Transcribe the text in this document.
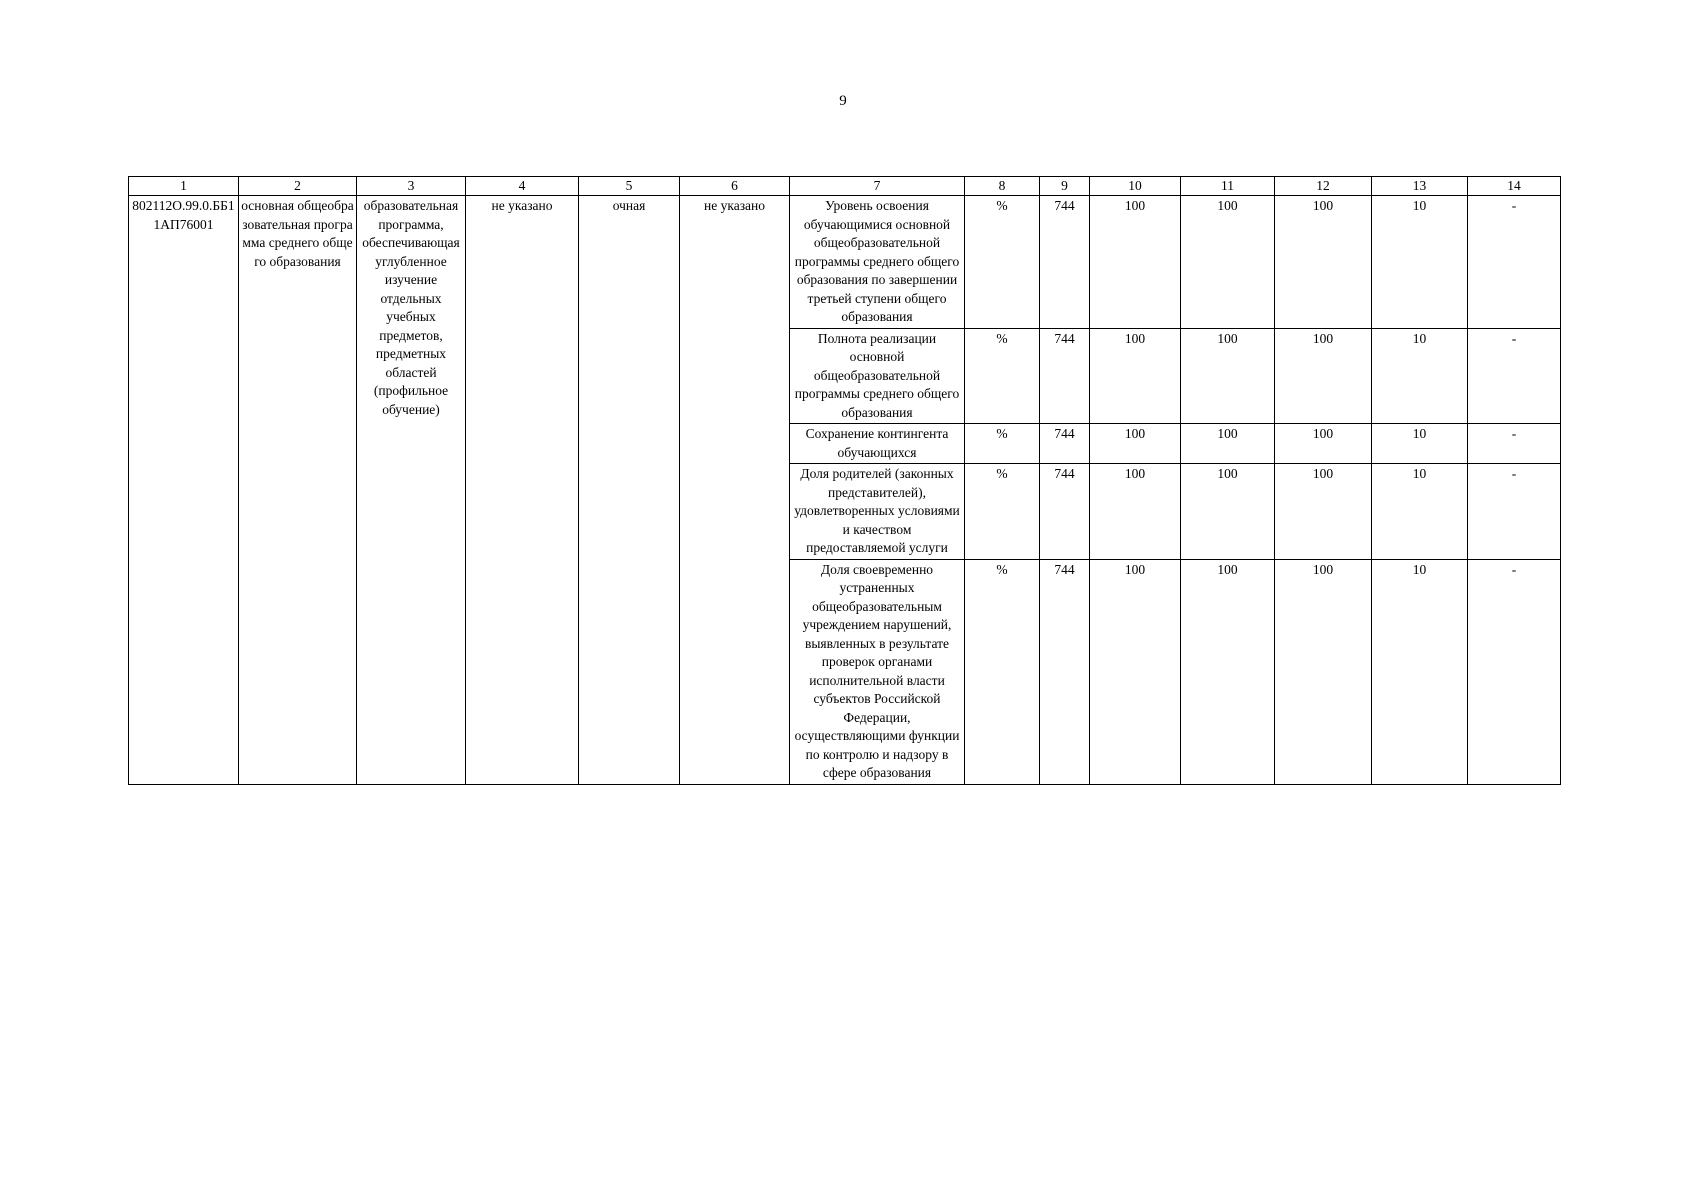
9
1	2	3	4	5	6	7	8	9	10	11	12	13	14
802112О.99.0.ББ11АП76001	основная общеобразовательная программа среднего общего образования	образовательная программа, обеспечивающая углубленное изучение отдельных учебных предметов, предметных областей (профильное обучение)	не указано	очная	не указано	Уровень освоения обучающимися основной общеобразовательной программы среднего общего образования по завершении третьей ступени общего образования	%	744	100	100	100	10	-
						Полнота реализации основной общеобразовательной программы среднего общего образования	%	744	100	100	100	10	-
						Сохранение контингента обучающихся	%	744	100	100	100	10	-
						Доля родителей (законных представителей), удовлетворенных условиями и качеством предоставляемой услуги	%	744	100	100	100	10	-
						Доля своевременно устраненных общеобразовательным учреждением нарушений, выявленных в результате проверок органами исполнительной власти субъектов Российской Федерации, осуществляющими функции по контролю и надзору в сфере образования	%	744	100	100	100	10	-
